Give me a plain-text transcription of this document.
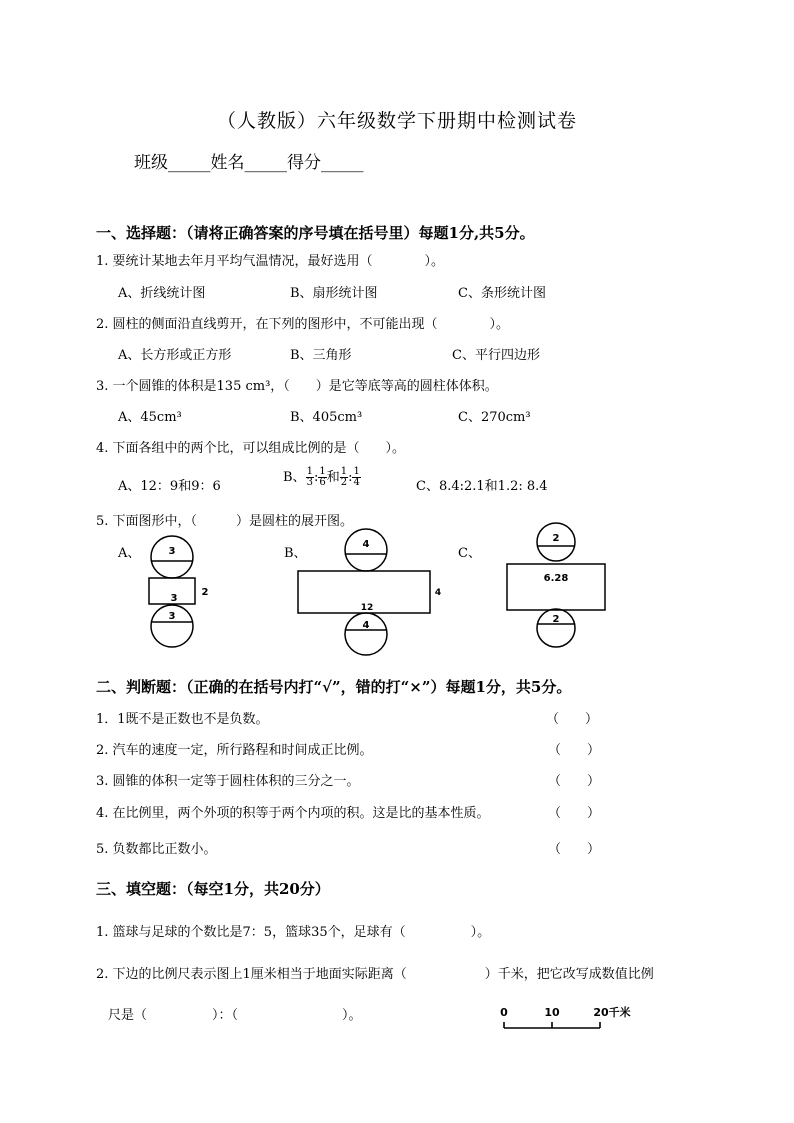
（人教版）六年级数学下册期中检测试卷
班级_____姓名_____得分_____
一、选择题：（请将正确答案的序号填在括号里）每题1分,共5分。
1. 要统计某地去年月平均气温情况，最好选用（　　　　）。
A、折线统计图	B、扇形统计图	C、条形统计图
2. 圆柱的侧面沿直线剪开，在下列的图形中，不可能出现（　　　　）。
A、长方形或正方形	B、三角形	C、平行四边形
3. 一个圆锥的体积是135 cm³，（　　）是它等底等高的圆柱体体积。
A、45cm³	B、405cm³	C、270cm³
4. 下面各组中的两个比，可以组成比例的是（　　）。
A、12：9和9：6
B、 $\frac{1}{3}$ : $\frac{1}{6}$ 和 $\frac{1}{2}$ : $\frac{1}{4}$	C、8.4:2.1和1.2: 8.4
5. 下面图形中，（　　　）是圆柱的展开图。
A、	B、	C、
3
3
2
3
4
12
4
4
2
6.28
2
二、判断题：（正确的在括号内打“√”，错的打“×”）每题1分，共5分。
1．1既不是正数也不是负数。	（　　）
2. 汽车的速度一定，所行路程和时间成正比例。	（　　）
3. 圆锥的体积一定等于圆柱体积的三分之一。	（　　）
4. 在比例里，两个外项的积等于两个内项的积。这是比的基本性质。	（　　）
5. 负数都比正数小。	（　　）
三、填空题：（每空1分，共20分）
1. 篮球与足球的个数比是7：5，篮球35个，足球有（　　　　　）。
2. 下边的比例尺表示图上1厘米相当于地面实际距离（　　　　　　）千米，把它改写成数值比例
尺是（　　　　　）：（　　　　　　　　）。	0	10	20千米
